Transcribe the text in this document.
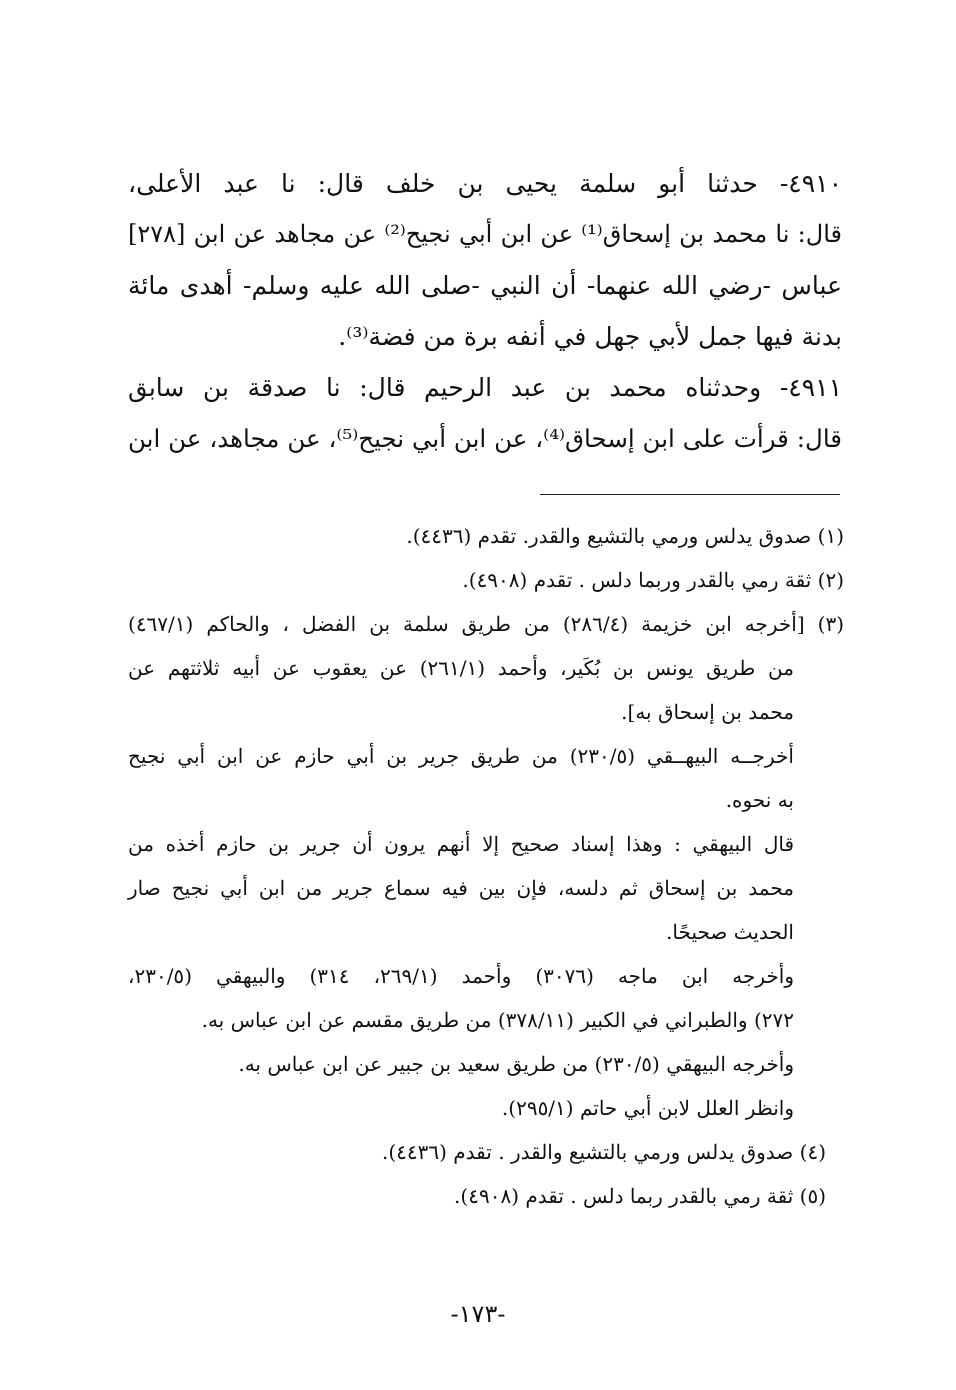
٤٩١٠- حدثنا أبو سلمة يحيى بن خلف قال: نا عبد الأعلى،
قال: نا محمد بن إسحاق⁽¹⁾ عن ابن أبي نجيح⁽²⁾ عن مجاهد عن ابن [٢٧٨]
عباس -رضي الله عنهما- أن النبي -صلى الله عليه وسلم- أهدى مائة
بدنة فيها جمل لأبي جهل في أنفه برة من فضة⁽³⁾.
٤٩١١- وحدثناه محمد بن عبد الرحيم قال: نا صدقة بن سابق
قال: قرأت على ابن إسحاق⁽⁴⁾، عن ابن أبي نجيح⁽⁵⁾، عن مجاهد، عن ابن
(١) صدوق يدلس ورمي بالتشيع والقدر. تقدم (٤٤٣٦).
(٢) ثقة رمي بالقدر وربما دلس . تقدم (٤٩٠٨).
(٣) [أخرجه ابن خزيمة (٢٨٦/٤) من طريق سلمة بن الفضل ، والحاكم (٤٦٧/١)
من طريق يونس بن بُكَير، وأحمد (٢٦١/١) عن يعقوب عن أبيه ثلاثتهم عن
محمد بن إسحاق به].
أخرجــه البيهــقي (٢٣٠/٥) من طريق جرير بن أبي حازم عن ابن أبي نجيح
به نحوه.
قال البيهقي : وهذا إسناد صحيح إلا أنهم يرون أن جرير بن حازم أخذه من
محمد بن إسحاق ثم دلسه، فإن بين فيه سماع جرير من ابن أبي نجيح صار
الحديث صحيحًا.
وأخرجه ابن ماجه (٣٠٧٦) وأحمد (٢٦٩/١، ٣١٤) والبيهقي (٢٣٠/٥،
٢٧٢) والطبراني في الكبير (٣٧٨/١١) من طريق مقسم عن ابن عباس به.
وأخرجه البيهقي (٢٣٠/٥) من طريق سعيد بن جبير عن ابن عباس به.
وانظر العلل لابن أبي حاتم (٢٩٥/١).
(٤) صدوق يدلس ورمي بالتشيع والقدر . تقدم (٤٤٣٦).
(٥) ثقة رمي بالقدر ربما دلس . تقدم (٤٩٠٨).
-١٧٣-
